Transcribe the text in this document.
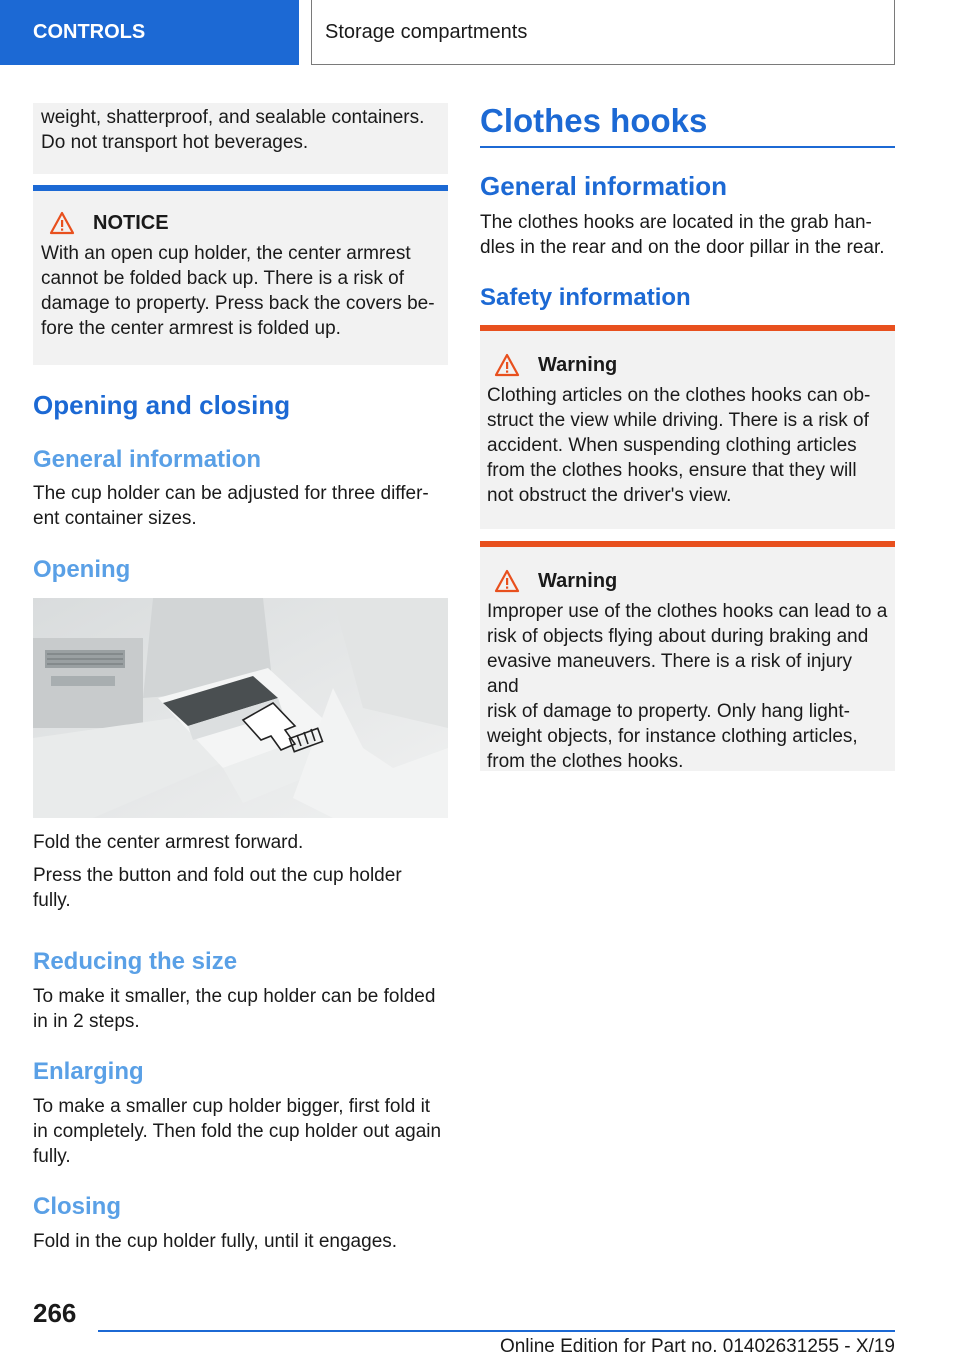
CONTROLS	Storage compartments

weight, shatterproof, and sealable containers.

Do not transport hot beverages.

NOTICE

With an open cup holder, the center armrest

cannot be folded back up. There is a risk of

damage to property. Press back the covers be-

fore the center armrest is folded up.

Opening and closing
General information

The cup holder can be adjusted for three differ-

ent container sizes.

Opening

Fold the center armrest forward.

Press the button and fold out the cup holder

fully.

Reducing the size

To make it smaller, the cup holder can be folded

in in 2 steps.

Enlarging

To make a smaller cup holder bigger, first fold it

in completely. Then fold the cup holder out again

fully.

Closing

Fold in the cup holder fully, until it engages.

Clothes hooks
General information

The clothes hooks are located in the grab han-

dles in the rear and on the door pillar in the rear.

Safety information
Warning

Clothing articles on the clothes hooks can ob-

struct the view while driving. There is a risk of

accident. When suspending clothing articles

from the clothes hooks, ensure that they will

not obstruct the driver's view.

Warning

Improper use of the clothes hooks can lead to a

risk of objects flying about during braking and

evasive maneuvers. There is a risk of injury and

risk of damage to property. Only hang light-

weight objects, for instance clothing articles,

from the clothes hooks.

266
Online Edition for Part no. 01402631255 - X/19
